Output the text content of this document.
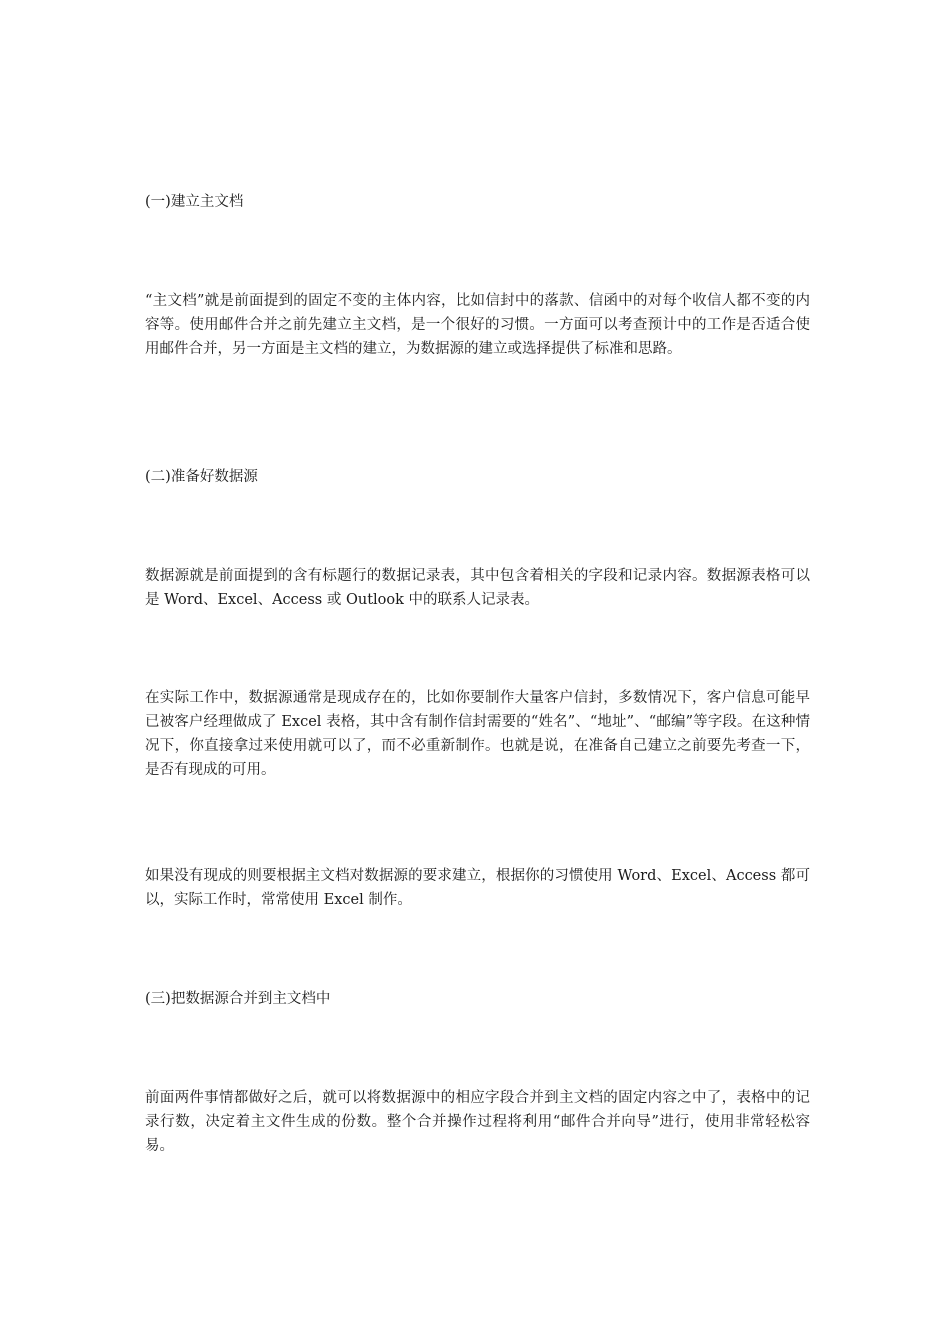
(一)建立主文档

“主文档”就是前面提到的固定不变的主体内容，比如信封中的落款、信函中的对每个收信人都不变的内容等。使用邮件合并之前先建立主文档，是一个很好的习惯。一方面可以考查预计中的工作是否适合使用邮件合并，另一方面是主文档的建立，为数据源的建立或选择提供了标准和思路。

(二)准备好数据源

数据源就是前面提到的含有标题行的数据记录表，其中包含着相关的字段和记录内容。数据源表格可以是 Word、Excel、Access 或 Outlook 中的联系人记录表。

在实际工作中，数据源通常是现成存在的，比如你要制作大量客户信封，多数情况下，客户信息可能早已被客户经理做成了 Excel 表格，其中含有制作信封需要的“姓名”、“地址”、“邮编”等字段。在这种情况下，你直接拿过来使用就可以了，而不必重新制作。也就是说，在准备自己建立之前要先考查一下，是否有现成的可用。

如果没有现成的则要根据主文档对数据源的要求建立，根据你的习惯使用 Word、Excel、Access 都可以，实际工作时，常常使用 Excel 制作。

(三)把数据源合并到主文档中

前面两件事情都做好之后，就可以将数据源中的相应字段合并到主文档的固定内容之中了，表格中的记录行数，决定着主文件生成的份数。整个合并操作过程将利用“邮件合并向导”进行，使用非常轻松容易。
